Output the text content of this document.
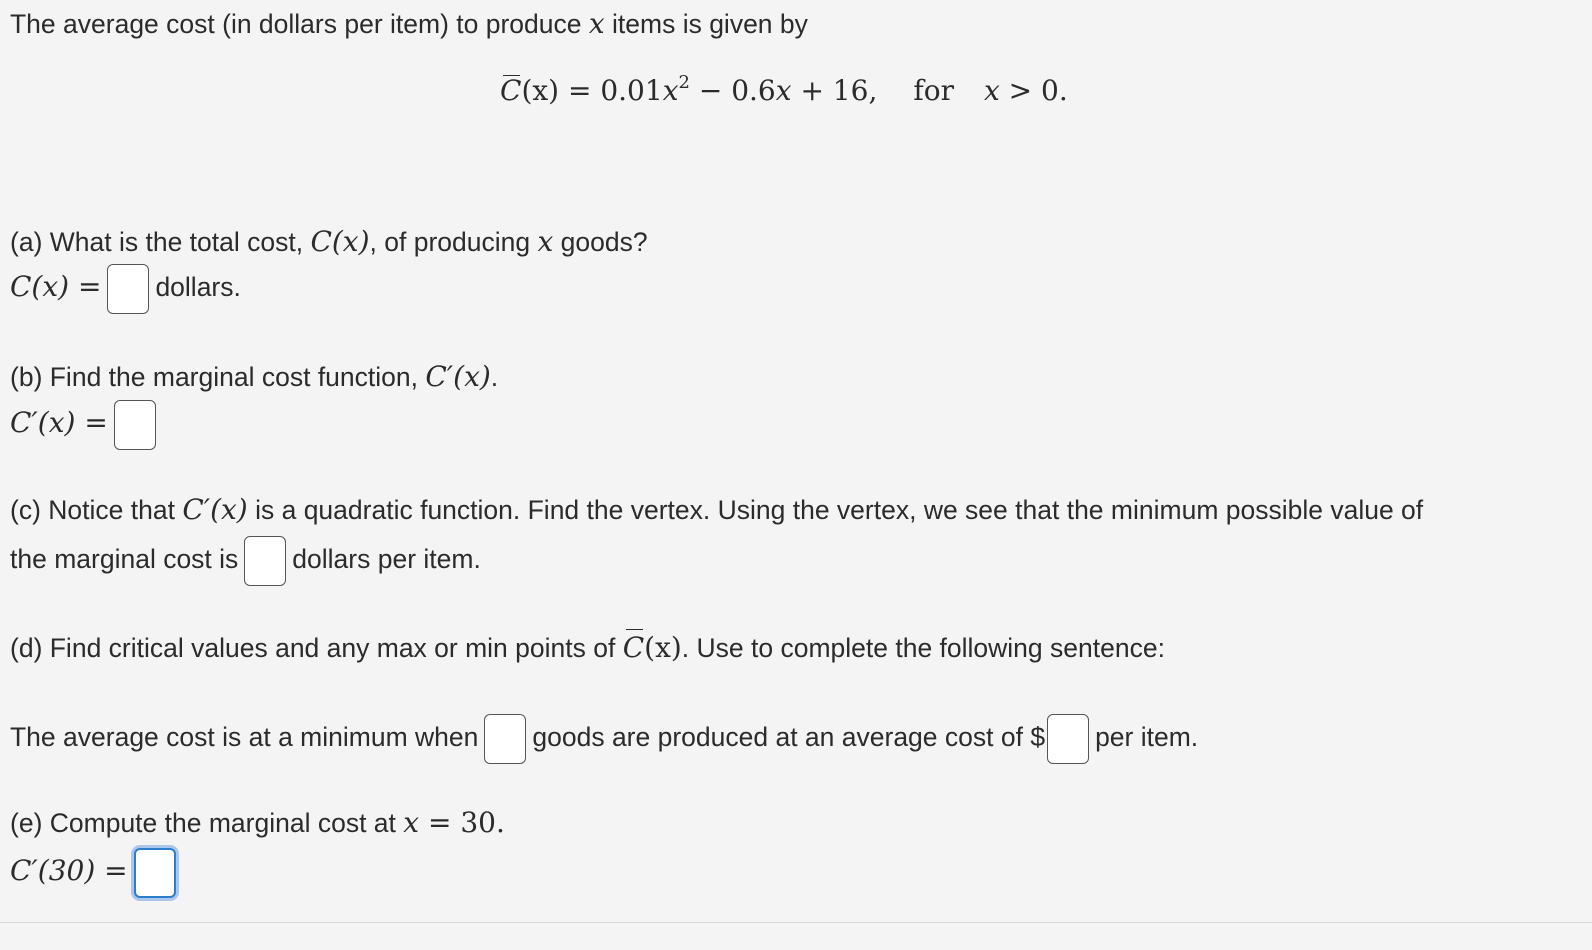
The average cost (in dollars per item) to produce x items is given by
$C(x) = 0.01x^2 - 0.6x + 16$, for x > 0.
(a) What is the total cost, C(x), of producing x goods?
C(x) = dollars.
(b) Find the marginal cost function, C′(x).
C′(x) =
(c) Notice that C′(x) is a quadratic function. Find the vertex. Using the vertex, we see that the minimum possible value of
the marginal cost is dollars per item.
(d) Find critical values and any max or min points of C(x). Use to complete the following sentence:
The average cost is at a minimum when goods are produced at an average cost of $ per item.
(e) Compute the marginal cost at x = 30.
C′(30) =
